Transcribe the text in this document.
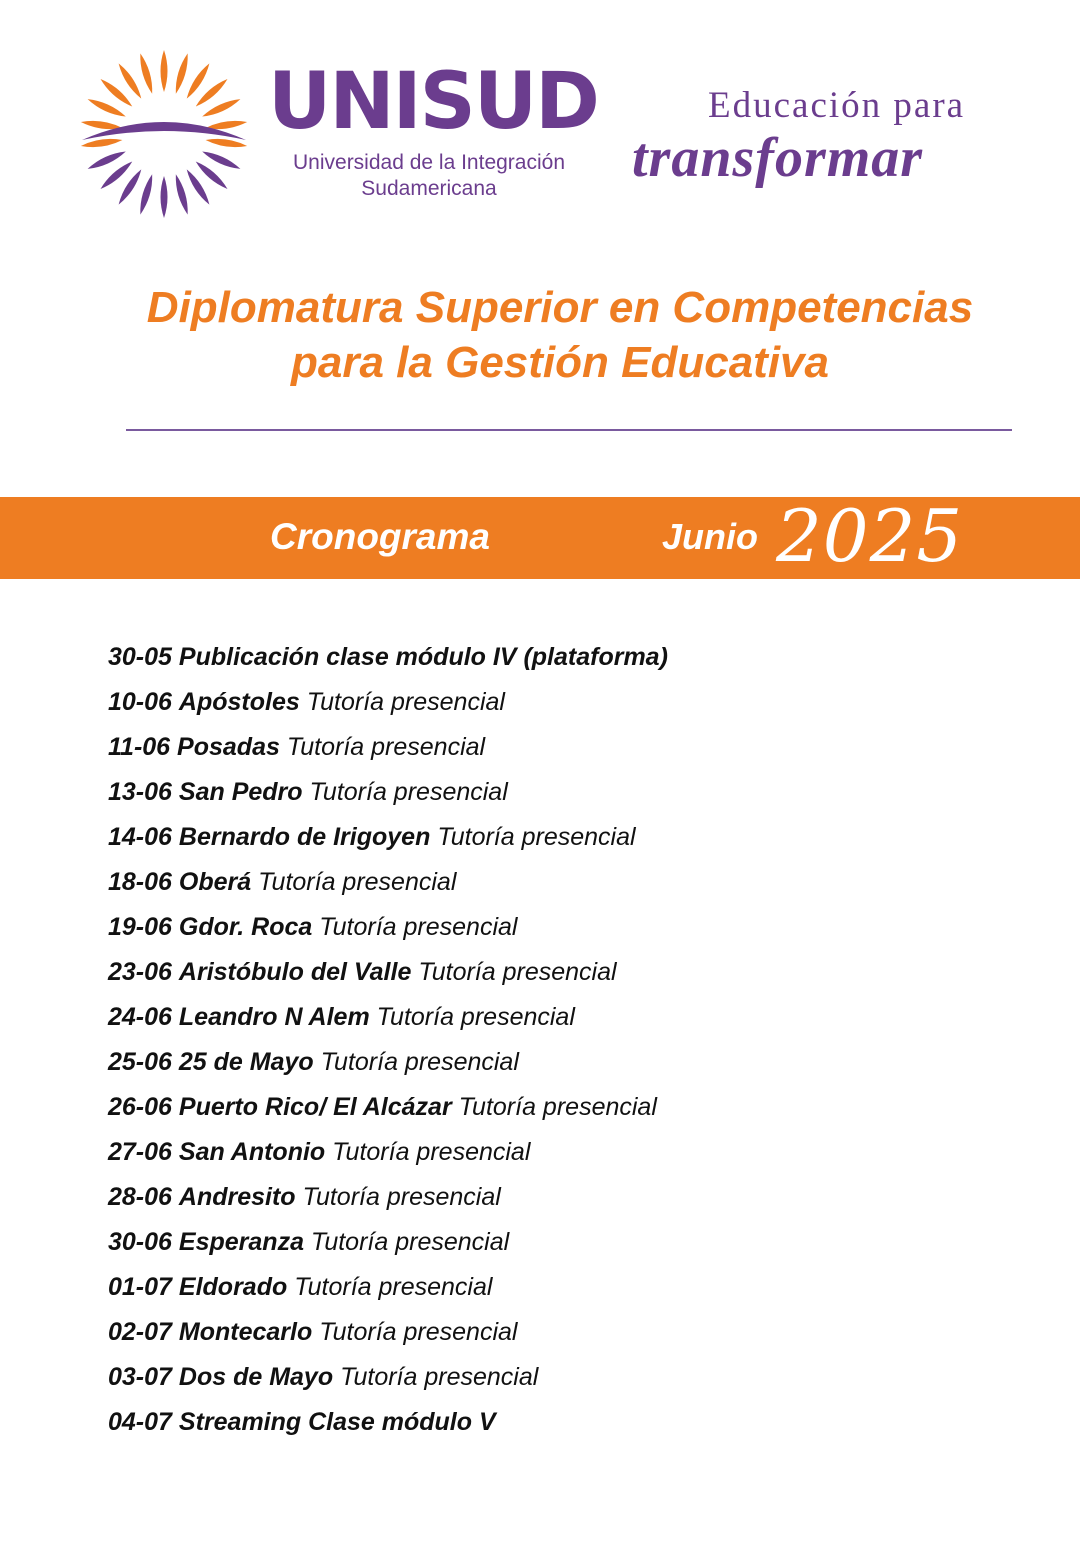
UNISUD
Universidad de la Integración
Sudamericana
Educación para
transformar
Diplomatura Superior en Competencias
para la Gestión Educativa
Cronograma	Junio 2025
30-05 Publicación clase módulo IV (plataforma)
10-06 Apóstoles Tutoría presencial
11-06 Posadas Tutoría presencial
13-06 San Pedro Tutoría presencial
14-06 Bernardo de Irigoyen Tutoría presencial
18-06 Oberá Tutoría presencial
19-06 Gdor. Roca Tutoría presencial
23-06 Aristóbulo del Valle Tutoría presencial
24-06 Leandro N Alem Tutoría presencial
25-06 25 de Mayo Tutoría presencial
26-06 Puerto Rico/ El Alcázar Tutoría presencial
27-06 San Antonio Tutoría presencial
28-06 Andresito Tutoría presencial
30-06 Esperanza Tutoría presencial
01-07 Eldorado Tutoría presencial
02-07 Montecarlo Tutoría presencial
03-07 Dos de Mayo Tutoría presencial
04-07 Streaming Clase módulo V
